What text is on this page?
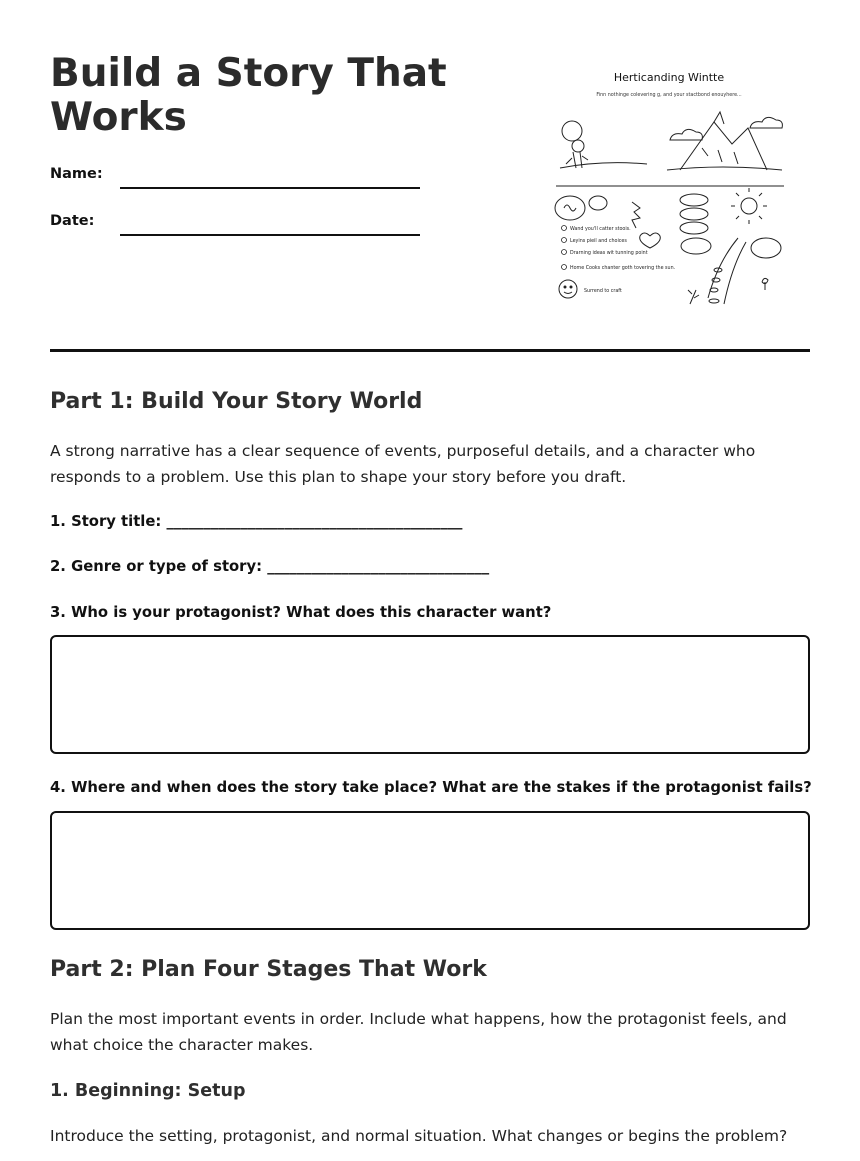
Build a Story That
Works
Name:
Date:
Herticanding Wintte
Finn nothinge colevering g, and your stactbond enouyhere...
Wand you'll catter stoois.
Leyins pieil and choices
Drarning ideas wit tunning point
Home Cooks chanter goth tovering the sun.
Surrend to craft
Part 1: Build Your Story World

A strong narrative has a clear sequence of events, purposeful details, and a character who responds to a problem. Use this plan to shape your story before you draft.

1. Story title: ________________________________________

2. Genre or type of story: ______________________________

3. Who is your protagonist? What does this character want?

4. Where and when does the story take place? What are the stakes if the protagonist fails?

Part 2: Plan Four Stages That Work

Plan the most important events in order. Include what happens, how the protagonist feels, and what choice the character makes.

1. Beginning: Setup

Introduce the setting, protagonist, and normal situation. What changes or begins the problem?
